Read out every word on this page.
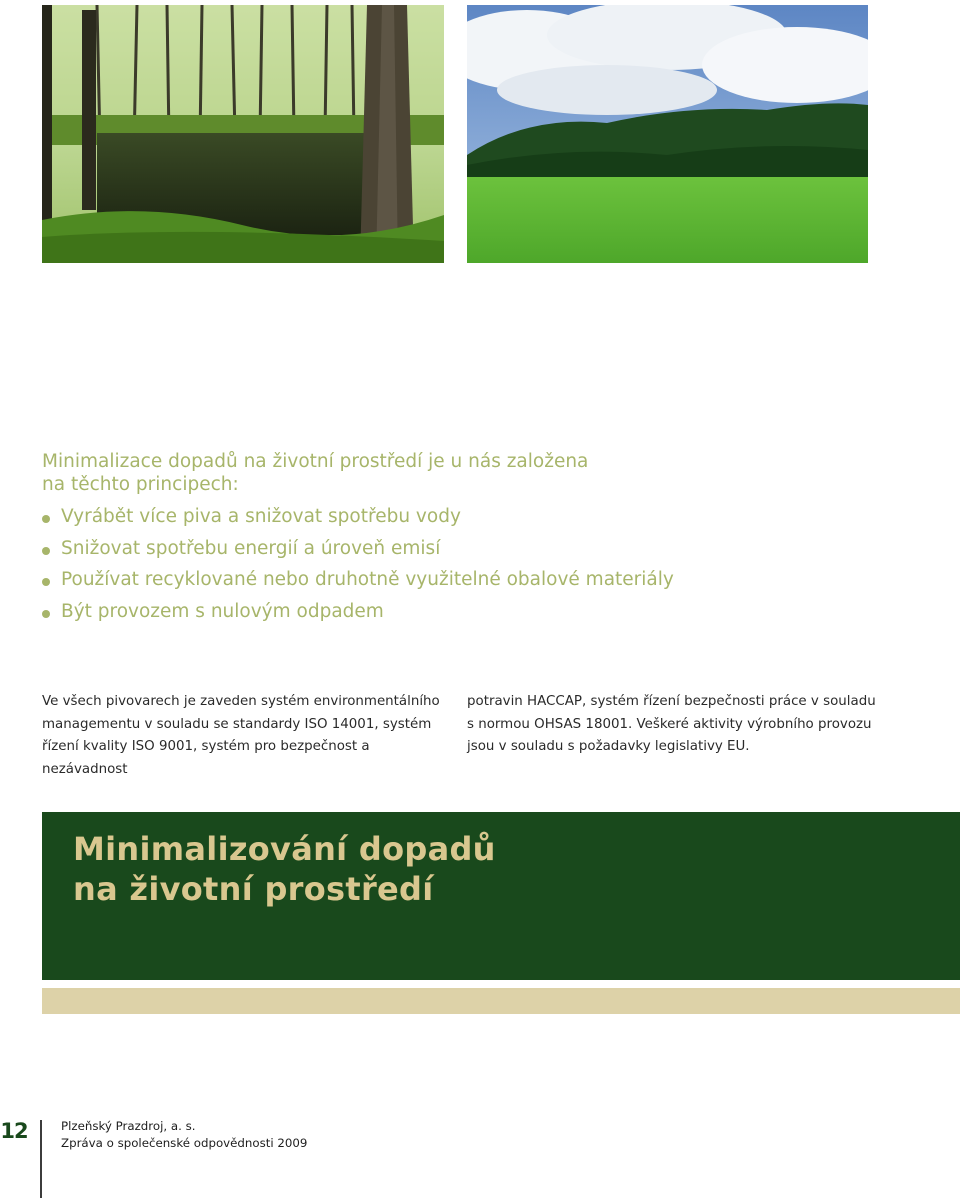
Minimalizace dopadů na životní prostředí je u nás založena
na těchto principech:
Vyrábět více piva a snižovat spotřebu vody
Snižovat spotřebu energií a úroveň emisí
Používat recyklované nebo druhotně využitelné obalové materiály
Být provozem s nulovým odpadem
Ve všech pivovarech je zaveden systém environmentálního
managementu v souladu se standardy ISO 14001, systém
řízení kvality ISO 9001, systém pro bezpečnost a nezávadnost
potravin HACCAP, systém řízení bezpečnosti práce v souladu
s normou OHSAS 18001. Veškeré aktivity výrobního provozu
jsou v souladu s požadavky legislativy EU.
Minimalizování dopadů
na životní prostředí
12	Plzeňský Prazdroj, a. s.
Zpráva o společenské odpovědnosti 2009
